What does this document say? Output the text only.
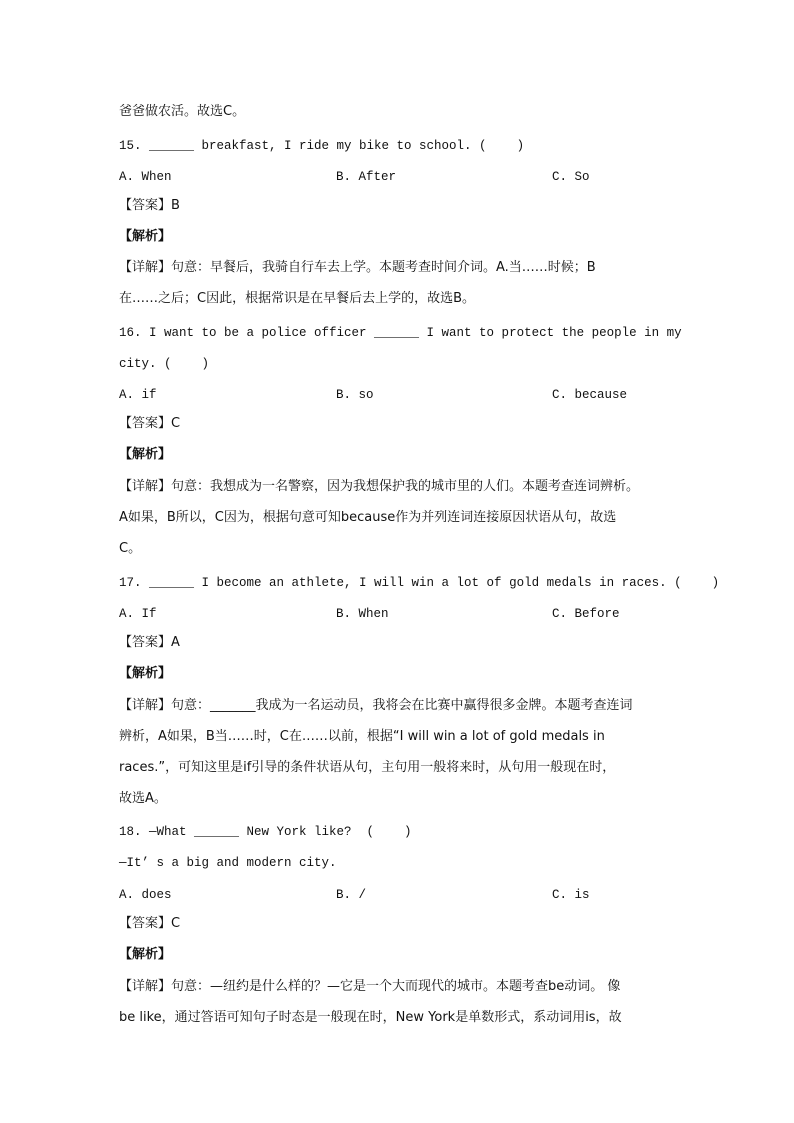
爸爸做农活。故选C。
15. ______ breakfast, I ride my bike to school. (    )
A. When	B. After	C. So
【答案】B
【解析】
【详解】句意：早餐后，我骑自行车去上学。本题考查时间介词。A.当……时候；B
在……之后；C因此，根据常识是在早餐后去上学的，故选B。
16. I want to be a police officer ______ I want to protect the people in my
city. (    )
A. if	B. so	C. because
【答案】C
【解析】
【详解】句意：我想成为一名警察，因为我想保护我的城市里的人们。本题考查连词辨析。
A如果，B所以，C因为，根据句意可知because作为并列连词连接原因状语从句，故选
C。
17. ______ I become an athlete, I will win a lot of gold medals in races. (    )
A. If	B. When	C. Before
【答案】A
【解析】
【详解】句意：_______我成为一名运动员，我将会在比赛中赢得很多金牌。本题考查连词
辨析，A如果，B当……时，C在……以前，根据“I will win a lot of gold medals in
races.”，可知这里是if引导的条件状语从句，主句用一般将来时，从句用一般现在时，
故选A。
18. —What ______ New York like?  (    )
—It’ s a big and modern city.
A. does	B. /	C. is
【答案】C
【解析】
【详解】句意：—纽约是什么样的？—它是一个大而现代的城市。本题考查be动词。 像
be like，通过答语可知句子时态是一般现在时，New York是单数形式，系动词用is，故
